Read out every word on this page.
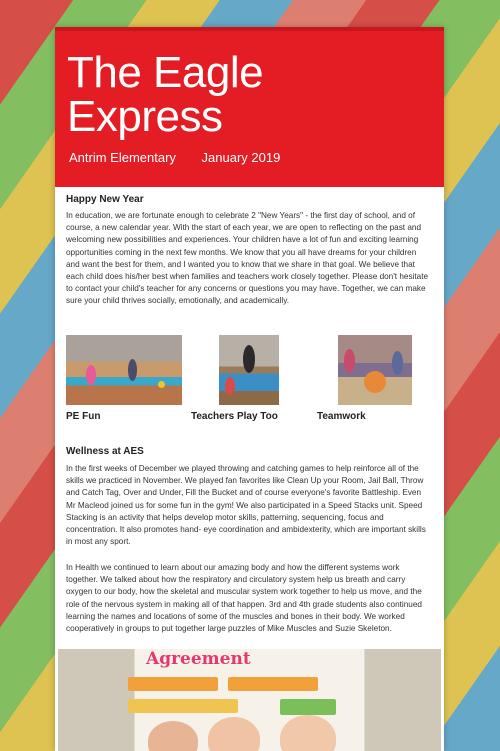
The Eagle Express
Antrim Elementary January 2019
Happy New Year

In education, we are fortunate enough to celebrate 2 "New Years" - the first day of school, and of course, a new calendar year. With the start of each year, we are open to reflecting on the past and welcoming new possibilities and experiences. Your children have a lot of fun and exciting learning opportunities coming in the next few months. We know that you all have dreams for your children and want the best for them, and I wanted you to know that we share in that goal. We believe that each child does his/her best when families and teachers work closely together. Please don't hesitate to contact your child's teacher for any concerns or questions you may have. Together, we can make sure your child thrives socially, emotionally, and academically.

PE Fun	Teachers Play Too	Teamwork
Wellness at AES

In the first weeks of December we played throwing and catching games to help reinforce all of the skills we practiced in November. We played fan favorites like Clean Up your Room, Jail Ball, Throw and Catch Tag, Over and Under, Fill the Bucket and of course everyone's favorite Battleship. Even Mr Macleod joined us for some fun in the gym! We also participated in a Speed Stacks unit. Speed Stacking is an activity that helps develop motor skills, patterning, sequencing, focus and concentration. It also promotes hand- eye coordination and ambidexterity, which are important skills in most any sport.

In Health we continued to learn about our amazing body and how the different systems work together. We talked about how the respiratory and circulatory system help us breath and carry oxygen to our body, how the skeletal and muscular system work together to help us move, and the role of the nervous system in making all of that happen. 3rd and 4th grade students also continued learning the names and locations of some of the muscles and bones in their body. We worked cooperatively in groups to put together large puzzles of Mike Muscles and Suzie Skeleton.

Agreement
